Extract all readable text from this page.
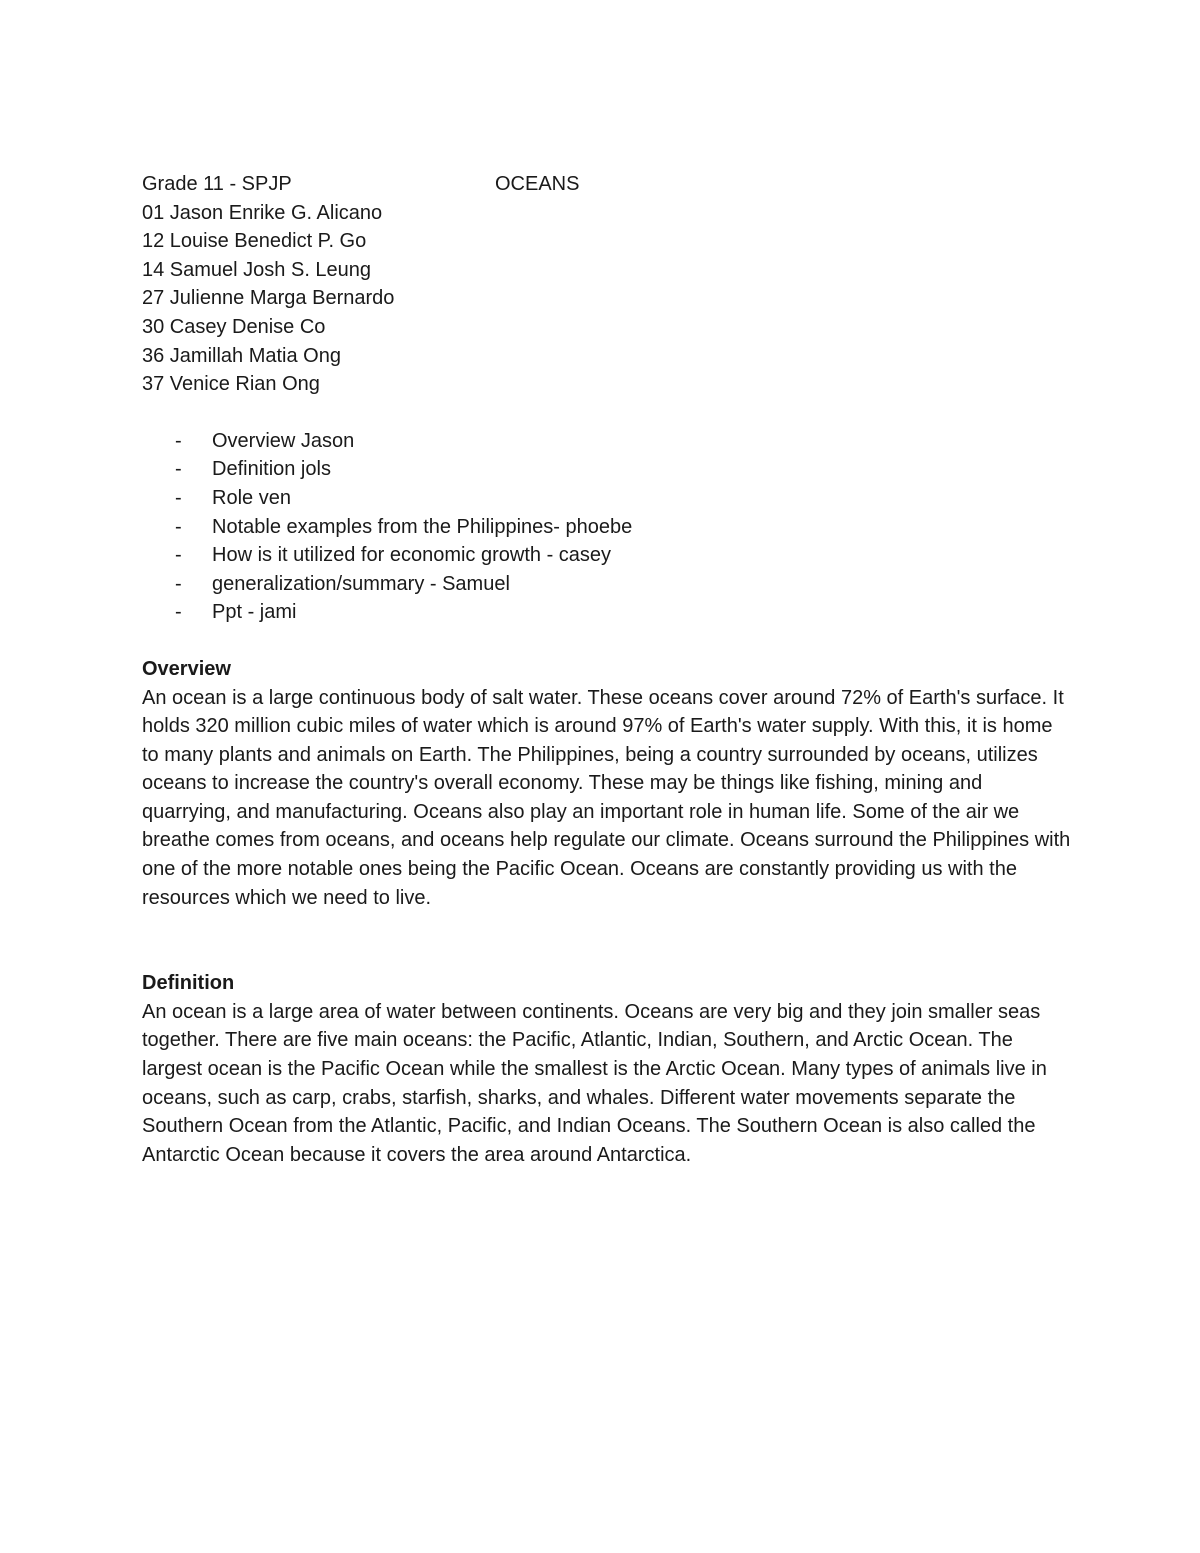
Grade 11 - SPJP	OCEANS
01 Jason Enrike G. Alicano
12 Louise Benedict P. Go
14 Samuel Josh S. Leung
27 Julienne Marga Bernardo
30 Casey Denise Co
36 Jamillah Matia Ong
37 Venice Rian Ong
- Overview Jason
- Definition jols
- Role ven
- Notable examples from the Philippines- phoebe
- How is it utilized for economic growth - casey
- generalization/summary - Samuel
- Ppt - jami
Overview

An ocean is a large continuous body of salt water. These oceans cover around 72% of Earth's surface. It holds 320 million cubic miles of water which is around 97% of Earth's water supply. With this, it is home to many plants and animals on Earth. The Philippines, being a country surrounded by oceans, utilizes oceans to increase the country's overall economy. These may be things like fishing, mining and quarrying, and manufacturing. Oceans also play an important role in human life. Some of the air we breathe comes from oceans, and oceans help regulate our climate. Oceans surround the Philippines with one of the more notable ones being the Pacific Ocean. Oceans are constantly providing us with the resources which we need to live.

Definition

An ocean is a large area of water between continents. Oceans are very big and they join smaller seas together. There are five main oceans: the Pacific, Atlantic, Indian, Southern, and Arctic Ocean. The largest ocean is the Pacific Ocean while the smallest is the Arctic Ocean. Many types of animals live in oceans, such as carp, crabs, starfish, sharks, and whales. Different water movements separate the Southern Ocean from the Atlantic, Pacific, and Indian Oceans. The Southern Ocean is also called the Antarctic Ocean because it covers the area around Antarctica.
